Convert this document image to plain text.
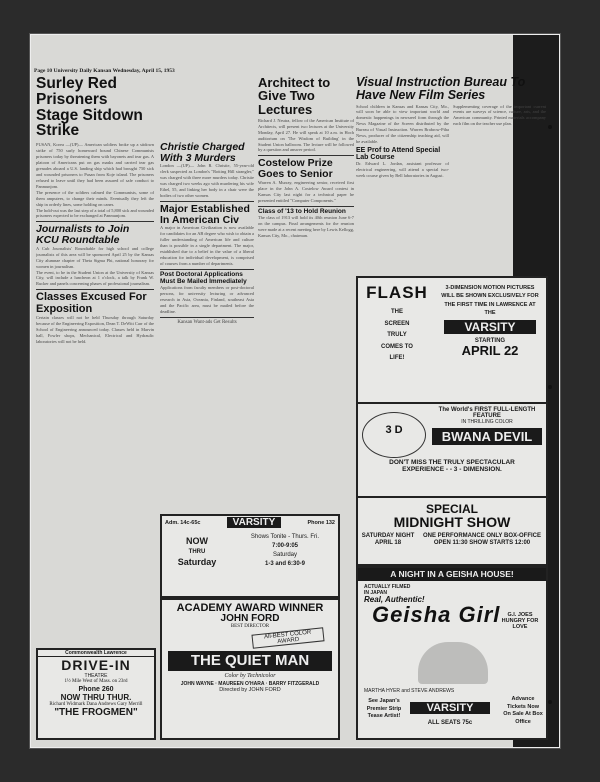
Page 10 University Daily Kansan Wednesday, April 15, 1953
Surley Red Prisoners Stage Sitdown Strike
PUSAN, Korea —(UP)— American soldiers broke up a sitdown strike of 750 surly homeward bound Chinese Communists prisoners today by threatening them with bayonets and tear gas. A platoon of Americans put on gas masks and carried tear gas grenades aboard a U.S. landing ship which had brought 750 sick and wounded prisoners to Pusan from Koje island. The prisoners refused to leave until they had been assured of safe conduct to Panmunjom.
The presence of the soldiers calmed the Communists, some of them amputees, to change their minds. Eventually they left the ship in orderly lines, some holding on canes.
The hold-out was the last step of a total of 5,800 sick and wounded prisoners expected to be exchanged at Panmunjom.
Journalists to Join KCU Roundtable
A Cub Journalists' Roundtable for high school and college journalists of this area will be sponsored April 25 by the Kansas City alumnae chapter of Theta Sigma Phi, national honorary for women in journalism.
The event, to be in the Student Union at the University of Kansas City, will include a luncheon at 1 o'clock, a talk by Frank W. Rucker and panels concerning phases of professional journalism.
Classes Excused For Exposition
Certain classes will not be held Thursday through Saturday because of the Engineering Exposition, Dean T. DeWitt Carr of the School of Engineering announced today. Classes held in Marvin hall, Fowler shops, Mechanical, Electrical and Hydraulic laboratories will not be held.
Commonwealth Lawrence
DRIVE-IN
THEATRE
1½ Mile West of Mass. on 23rd
Phone 260
NOW THRU THUR.
Richard Widmark Dana Andrews Gary Merrill
"THE FROGMEN"
Christie Charged With 3 Murders
London —(UP)— John R. Christie, 55-year-old clerk suspected as London's "Rotting Hill strangler," was charged with three more murders today. Christie was charged two weeks ago with murdering his wife Ethel, 55, and linking her body in a chair were the bodies of two other women.
Major Established In American Civ
A major in American Civilization is now available for candidates for an AB degree who wish to obtain a fuller understanding of American life and culture than is possible in a single department. The major, established due to a belief in the value of a liberal education for individual development, is comprised of courses from a number of departments.
Post Doctoral Applications Must Be Mailed Immediately
Applications from faculty members or post-doctoral persons, for university lecturing or advanced research in Asia, Oceania, Finland, southeast Asia and the Pacific area, must be mailed before the deadline.
Kansan Want-ads Get Results
Adm. 14c-65c	VARSITY	Phone 132
NOW
THRU
Saturday
Shows Tonite - Thurs. Fri.
7:00-9:05
Saturday
1-3 and 6:30-9
ACADEMY AWARD WINNER
JOHN FORD
BEST DIRECTOR
All-BEST COLOR AWARD
THE QUIET MAN
Color by Technicolor
JOHN WAYNE · MAUREEN O'HARA · BARRY FITZGERALD
Directed by JOHN FORD
Architect to Give Two Lectures
Richard J. Neutra, fellow of the American Institute of Architects, will present two lectures at the University Monday, April 27. He will speak at 10 a.m. in Hoch auditorium on 'The Wisdom of Building' in the Student Union ballroom. The lecture will be followed by a question and answer period.
Costelow Prize Goes to Senior
Warren A. Murray, engineering senior, received first place in the John A. Costelow Award contest in Kansas City last night for a technical paper he presented entitled "Computer Components."
Class of '13 to Hold Reunion
The class of 1913 will hold its 40th reunion June 6-7 on the campus. Final arrangements for the reunion were made at a recent meeting here by Lewis Kellogg, Kansas City, Mo., chairman.
Visual Instruction Bureau To Have New Film Series
School children in Kansas and Kansas City, Mo., will soon be able to view important world and domestic happenings in newsreel form through the News Magazine of the Screen distributed by the Bureau of Visual Instruction. Warren Brabrow-Ptha News, producer of the citizenship teaching aid, will be available.
EE Prof to Attend Special Lab Course
Dr. Edward L. Jordan, assistant professor of electrical engineering, will attend a special two-week course given by Bell laboratories in August.
Supplementing coverage of the important current events are surveys of science, culture, arts, and the American community. Printed materials accompany each film on the teacher use plan.
FLASH
THE SCREEN TRULY COMES TO LIFE!
3-DIMENSION MOTION PICTURES WILL BE SHOWN EXCLUSIVELY FOR THE FIRST TIME IN LAWRENCE AT THE
VARSITY
STARTING
APRIL 22
The World's FIRST FULL-LENGTH FEATURE
3 D
IN THRILLING COLOR
BWANA DEVIL
DON'T MISS THE TRULY SPECTACULAR EXPERIENCE - - 3 - DIMENSION.
SPECIAL
MIDNIGHT SHOW
SATURDAY NIGHT APRIL 18
ONE PERFORMANCE ONLY BOX-OFFICE OPEN 11:30 SHOW STARTS 12:00
A NIGHT IN A GEISHA HOUSE!
ACTUALLY FILMED IN JAPAN
Real, Authentic!
Geisha Girl	G.I. JOES HUNGRY FOR LOVE
MARTHA HYER and STEVE ANDREWS
See Japan's Premier Strip Tease Artist!
VARSITY
ALL SEATS 75c
Advance Tickets Now On Sale At Box Office
